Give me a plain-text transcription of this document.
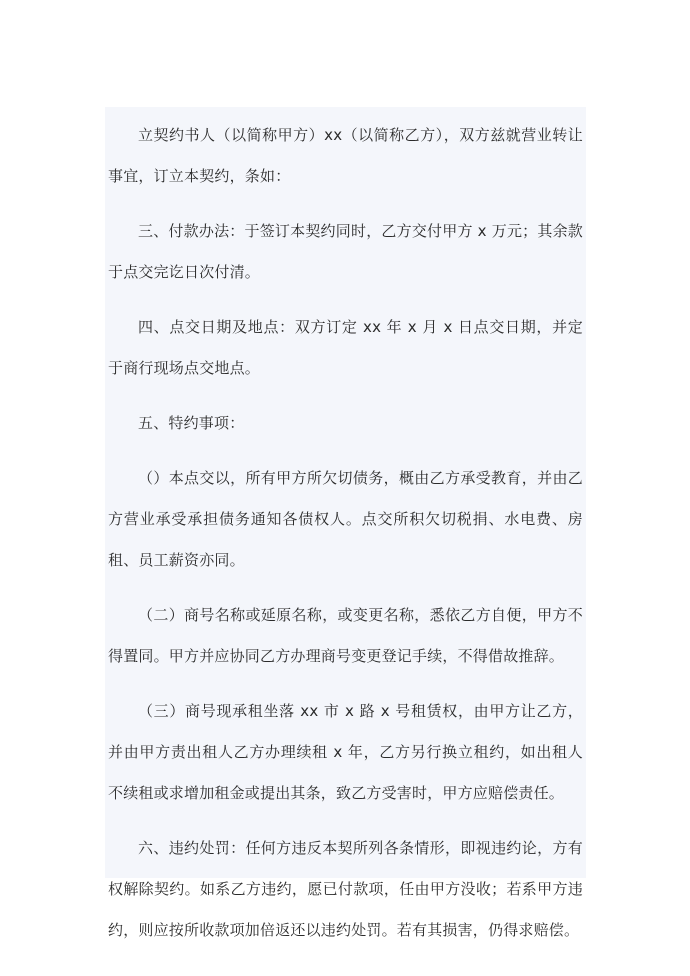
立契约书人（以简称甲方）xx（以简称乙方），双方兹就营业转让事宜，订立本契约，条如：

三、付款办法：于签订本契约同时，乙方交付甲方 x 万元；其余款于点交完讫日次付清。

四、点交日期及地点：双方订定 xx 年 x 月 x 日点交日期，并定于商行现场点交地点。

五、特约事项：

（）本点交以，所有甲方所欠切债务，概由乙方承受教育，并由乙方营业承受承担债务通知各债权人。点交所积欠切税捐、水电费、房租、员工薪资亦同。

（二）商号名称或延原名称，或变更名称，悉依乙方自便，甲方不得置同。甲方并应协同乙方办理商号变更登记手续，不得借故推辞。

（三）商号现承租坐落 xx 市 x 路 x 号租赁权，由甲方让乙方，并由甲方责出租人乙方办理续租 x 年，乙方另行换立租约，如出租人不续租或求增加租金或提出其条，致乙方受害时，甲方应赔偿责任。

六、违约处罚：任何方违反本契所列各条情形，即视违约论，方有权解除契约。如系乙方违约，愿已付款项，任由甲方没收；若系甲方违约，则应按所收款项加倍返还以违约处罚。若有其损害，仍得求赔偿。
